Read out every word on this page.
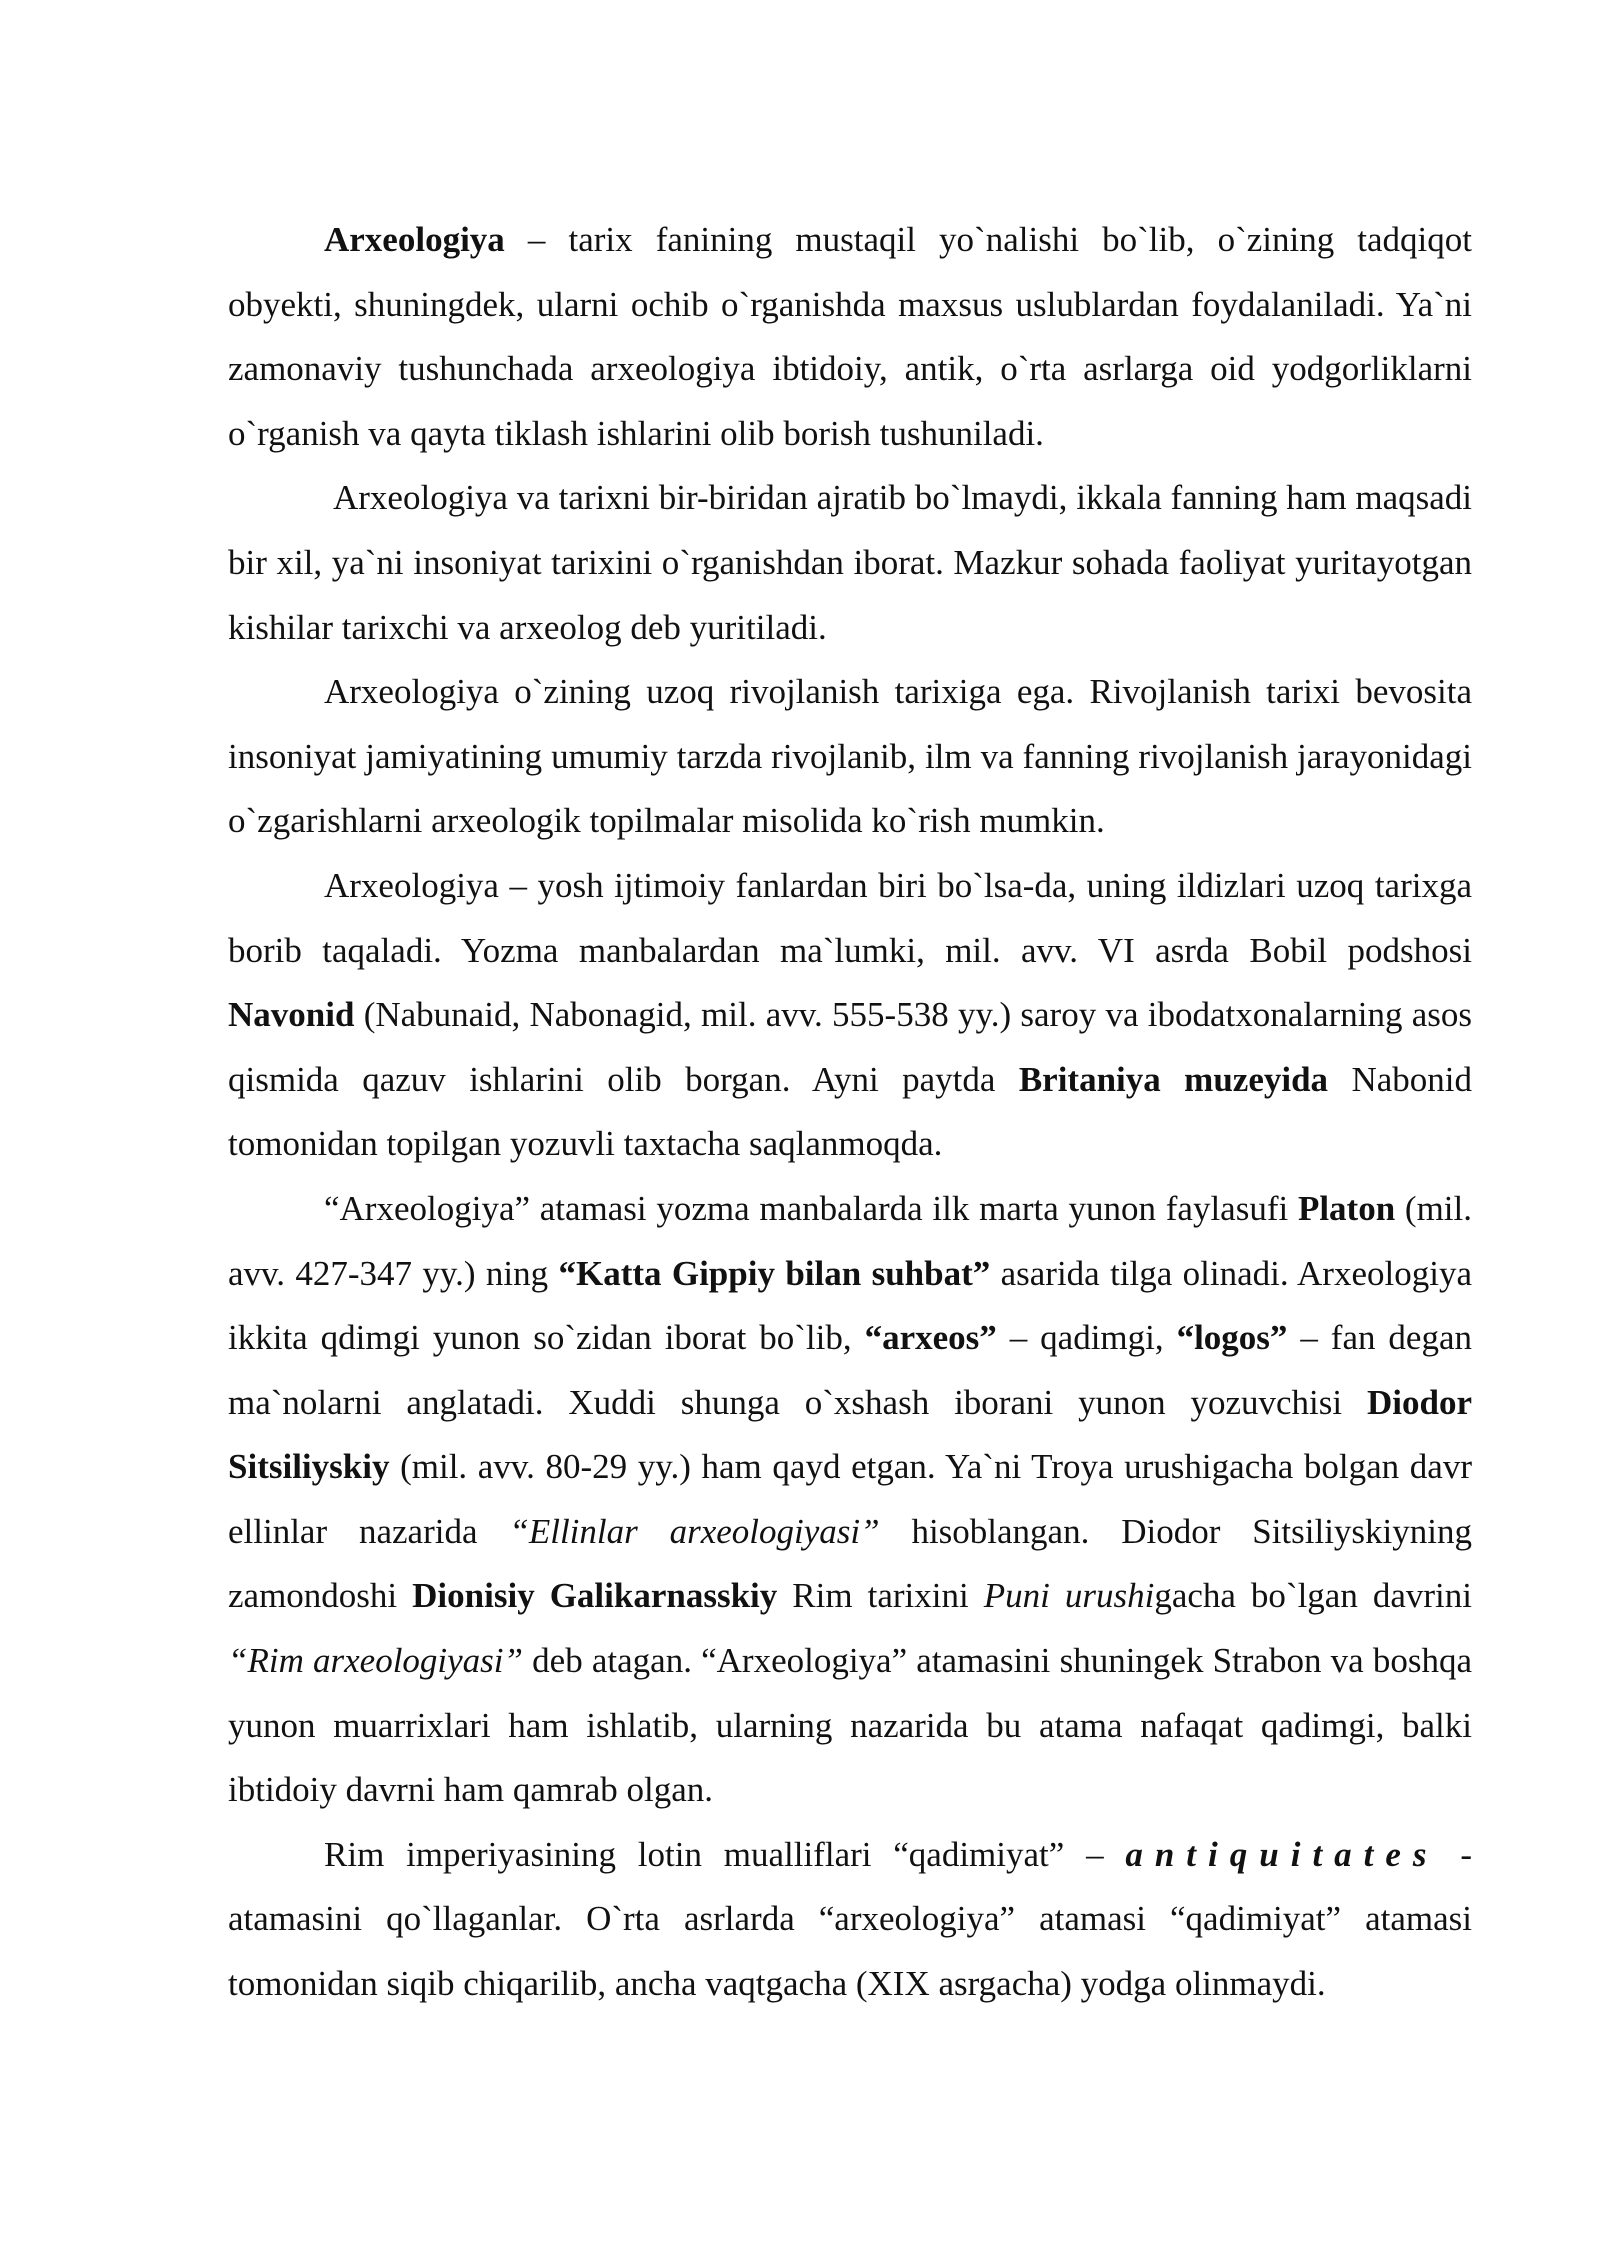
Arxeologiya – tarix fanining mustaqil yo`nalishi bo`lib, o`zining tadqiqot obyekti, shuningdek, ularni ochib o`rganishda maxsus uslublardan foydalaniladi. Ya`ni zamonaviy tushunchada arxeologiya ibtidoiy, antik, o`rta asrlarga oid yodgorliklarni o`rganish va qayta tiklash ishlarini olib borish tushuniladi.

Arxeologiya va tarixni bir-biridan ajratib bo`lmaydi, ikkala fanning ham maqsadi bir xil, ya`ni insoniyat tarixini o`rganishdan iborat. Mazkur sohada faoliyat yuritayotgan kishilar tarixchi va arxeolog deb yuritiladi.

Arxeologiya o`zining uzoq rivojlanish tarixiga ega. Rivojlanish tarixi bevosita insoniyat jamiyatining umumiy tarzda rivojlanib, ilm va fanning rivojlanish jarayonidagi o`zgarishlarni arxeologik topilmalar misolida ko`rish mumkin.

Arxeologiya – yosh ijtimoiy fanlardan biri bo`lsa-da, uning ildizlari uzoq tarixga borib taqaladi. Yozma manbalardan ma`lumki, mil. avv. VI asrda Bobil podshosi Navonid (Nabunaid, Nabonagid, mil. avv. 555-538 yy.) saroy va ibodatxonalarning asos qismida qazuv ishlarini olib borgan. Ayni paytda Britaniya muzeyida Nabonid tomonidan topilgan yozuvli taxtacha saqlanmoqda.

“Arxeologiya” atamasi yozma manbalarda ilk marta yunon faylasufi Platon (mil. avv. 427-347 yy.) ning “Katta Gippiy bilan suhbat” asarida tilga olinadi. Arxeologiya ikkita qdimgi yunon so`zidan iborat bo`lib, “arxeos” – qadimgi, “logos” – fan degan ma`nolarni anglatadi. Xuddi shunga o`xshash iborani yunon yozuvchisi Diodor Sitsiliyskiy (mil. avv. 80-29 yy.) ham qayd etgan. Ya`ni Troya urushigacha bolgan davr ellinlar nazarida “Ellinlar arxeologiyasi” hisoblangan. Diodor Sitsiliyskiyning zamondoshi Dionisiy Galikarnasskiy Rim tarixini Puni urushigacha bo`lgan davrini “Rim arxeologiyasi” deb atagan. “Arxeologiya” atamasini shuningek Strabon va boshqa yunon muarrixlari ham ishlatib, ularning nazarida bu atama nafaqat qadimgi, balki ibtidoiy davrni ham qamrab olgan.

Rim imperiyasining lotin mualliflari “qadimiyat” – antiquitates - atamasini qo`llaganlar. O`rta asrlarda “arxeologiya” atamasi “qadimiyat” atamasi tomonidan siqib chiqarilib, ancha vaqtgacha (XIX asrgacha) yodga olinmaydi.
